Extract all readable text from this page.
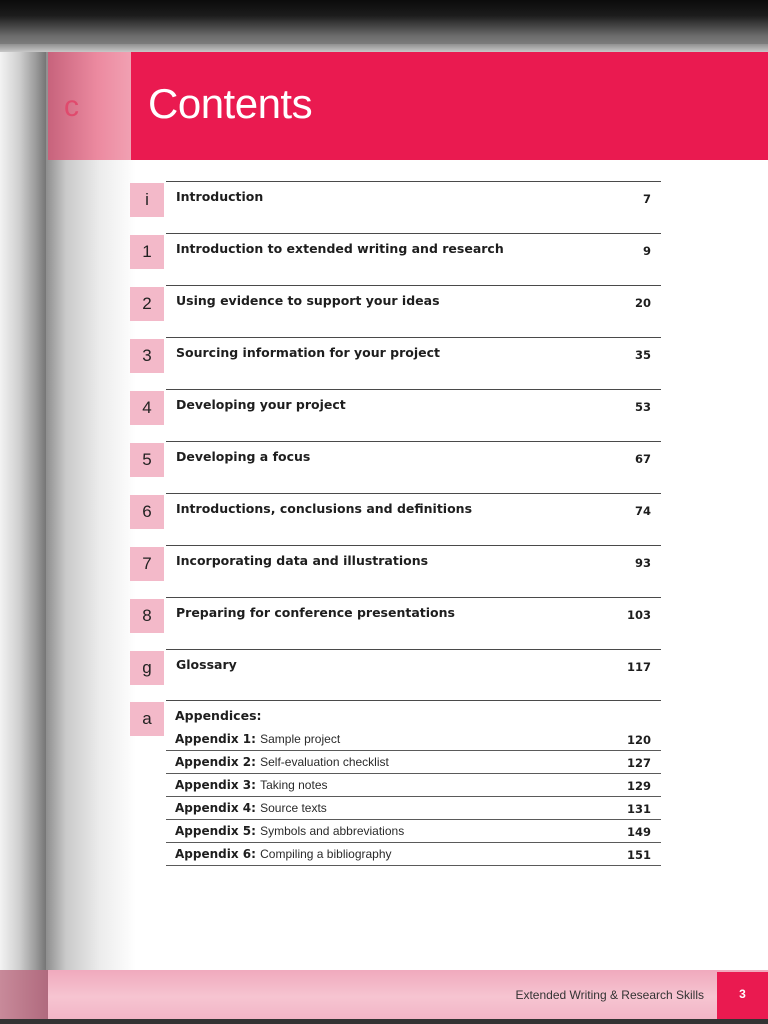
c	Contents
i	Introduction	7
1	Introduction to extended writing and research	9
2	Using evidence to support your ideas	20
3	Sourcing information for your project	35
4	Developing your project	53
5	Developing a focus	67
6	Introductions, conclusions and definitions	74
7	Incorporating data and illustrations	93
8	Preparing for conference presentations	103
g	Glossary	117
a	Appendices:
Appendix 1: Sample project	120
Appendix 2: Self-evaluation checklist	127
Appendix 3: Taking notes	129
Appendix 4: Source texts	131
Appendix 5: Symbols and abbreviations	149
Appendix 6: Compiling a bibliography	151
Extended Writing & Research Skills	3
